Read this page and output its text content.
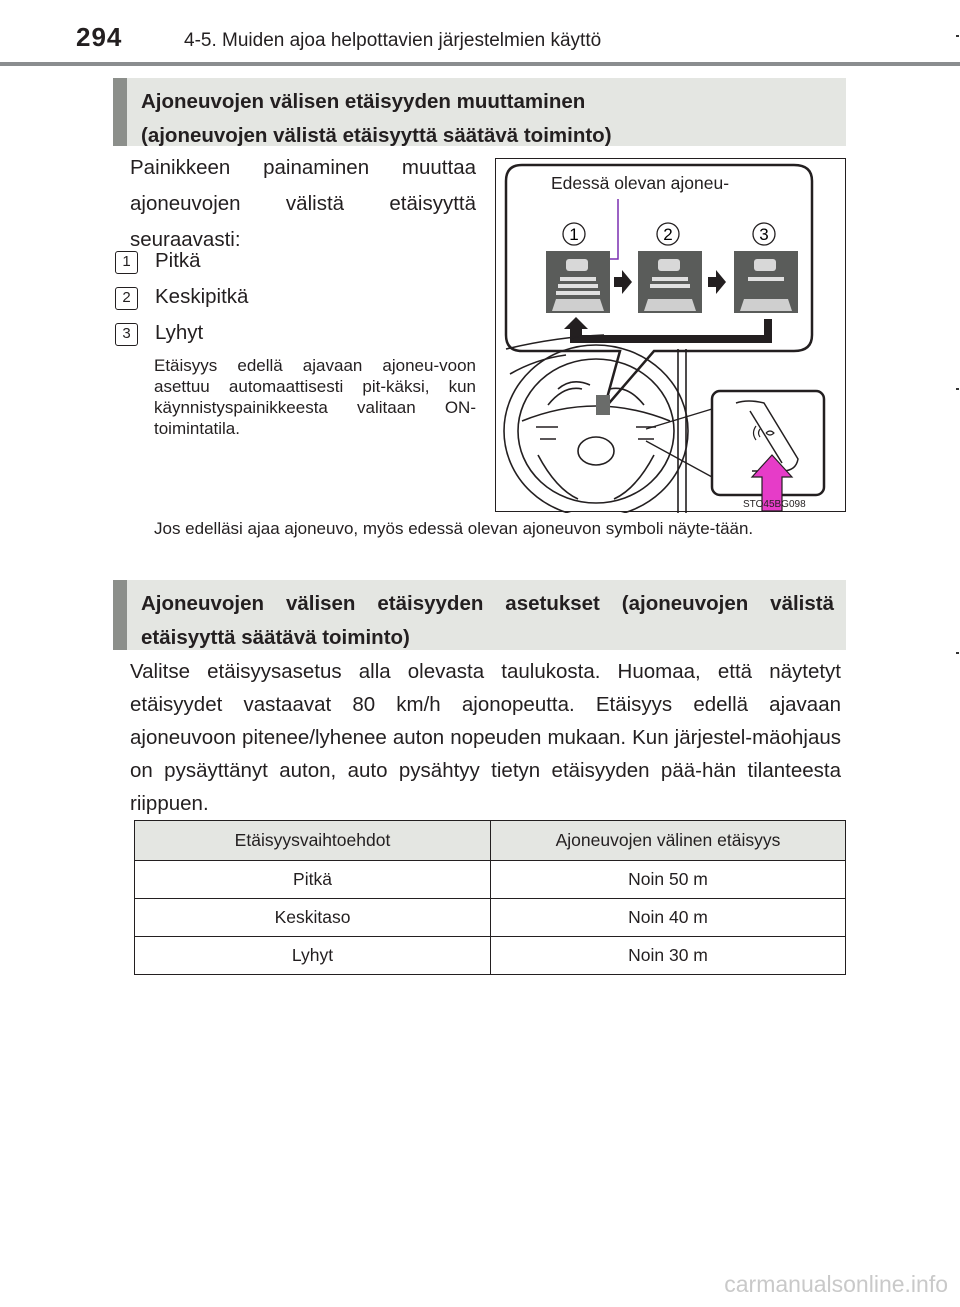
294	4-5. Muiden ajoa helpottavien järjestelmien käyttö
Ajoneuvojen välisen etäisyyden muuttaminen
(ajoneuvojen välistä etäisyyttä säätävä toiminto)
Painikkeen painaminen muuttaa ajoneuvojen välistä etäisyyttä seuraavasti:
1	Pitkä
2	Keskipitkä
3	Lyhyt
Etäisyys edellä ajavaan ajoneu-voon asettuu automaattisesti pit-käksi, kun käynnistyspainikkeesta valitaan ON-toimintatila.
Jos edelläsi ajaa ajoneuvo, myös edessä olevan ajoneuvon symboli näyte-tään.
1	2	3
Edessä olevan ajoneu-
STO45BG098
Ajoneuvojen välisen etäisyyden asetukset (ajoneuvojen välistä
etäisyyttä säätävä toiminto)
Valitse etäisyysasetus alla olevasta taulukosta. Huomaa, että näytetyt etäisyydet vastaavat 80 km/h ajonopeutta. Etäisyys edellä ajavaan ajoneuvoon pitenee/lyhenee auton nopeuden mukaan. Kun järjestel-mäohjaus on pysäyttänyt auton, auto pysähtyy tietyn etäisyyden pää-hän tilanteesta riippuen.
Etäisyysvaihtoehdot	Ajoneuvojen välinen etäisyys
Pitkä	Noin 50 m
Keskitaso	Noin 40 m
Lyhyt	Noin 30 m
carmanualsonline.info
